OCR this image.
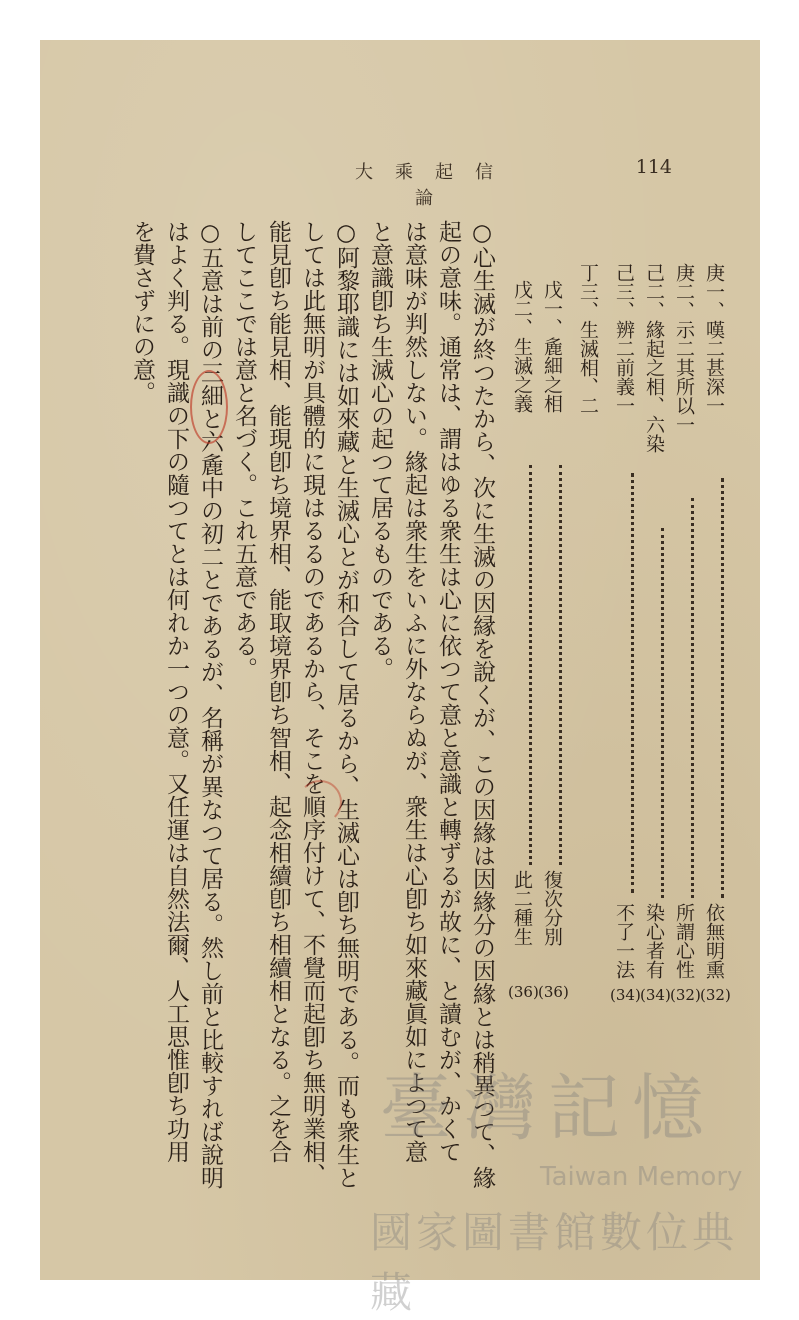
大乘起信論
114
庚一、嘆二甚深一
依無明熏
(32)
庚二、示二其所以一
所謂心性
(32)
己二、緣起之相、六染
染心者有
(34)
己三、辨二前義一
不了一法
(34)
丁三、生滅相、二
戊一、麁細之相
復次分別
(36)
戊二、生滅之義
此二種生
(36)
○心生滅が終つたから、次に生滅の因縁を說くが、この因緣は因緣分の因緣とは稍異つて、緣
起の意味。通常は、謂はゆる衆生は心に依つて意と意識と轉ずるが故に、と讀むが、かくて
は意味が判然しない。緣起は衆生をいふに外ならぬが、衆生は心卽ち如來藏眞如によつて意
と意識卽ち生滅心の起つて居るものである。
○阿黎耶識には如來藏と生滅心とが和合して居るから、生滅心は卽ち無明である。而も衆生と
しては此無明が具體的に現はるるのであるから、そこを順序付けて、不覺而起卽ち無明業相、
能見卽ち能見相、能現卽ち境界相、能取境界卽ち智相、起念相續卽ち相續相となる。之を合
してここでは意と名づく。これ五意である。
○五意は前の三細と六麁中の初二とであるが、名稱が異なつて居る。然し前と比較すれば說明
はよく判る。現識の下の隨つてとは何れか一つの意。又任運は自然法爾、人工思惟卽ち功用
を費さずにの意。
臺灣記憶
Taiwan Memory
國家圖書館數位典藏
